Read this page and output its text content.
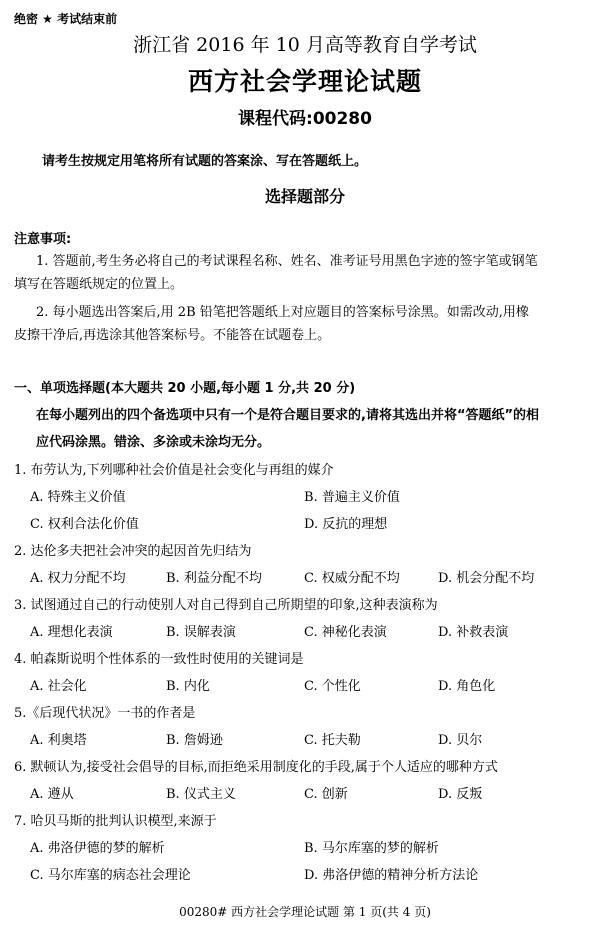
绝密 ★ 考试结束前
浙江省 2016 年 10 月高等教育自学考试
西方社会学理论试题
课程代码:00280
请考生按规定用笔将所有试题的答案涂、写在答题纸上。
选择题部分
注意事项:
1. 答题前,考生务必将自己的考试课程名称、姓名、准考证号用黑色字迹的签字笔或钢笔
填写在答题纸规定的位置上。
2. 每小题选出答案后,用 2B 铅笔把答题纸上对应题目的答案标号涂黑。如需改动,用橡
皮擦干净后,再选涂其他答案标号。不能答在试题卷上。
一、单项选择题(本大题共 20 小题,每小题 1 分,共 20 分)
在每小题列出的四个备选项中只有一个是符合题目要求的,请将其选出并将“答题纸”的相
应代码涂黑。错涂、多涂或未涂均无分。
1. 布劳认为,下列哪种社会价值是社会变化与再组的媒介
A. 特殊主义价值	B. 普遍主义价值
C. 权利合法化价值	D. 反抗的理想
2. 达伦多夫把社会冲突的起因首先归结为
A. 权力分配不均	B. 利益分配不均	C. 权威分配不均	D. 机会分配不均
3. 试图通过自己的行动使别人对自己得到自己所期望的印象,这种表演称为
A. 理想化表演	B. 误解表演	C. 神秘化表演	D. 补救表演
4. 帕森斯说明个性体系的一致性时使用的关键词是
A. 社会化	B. 内化	C. 个性化	D. 角色化
5.《后现代状况》一书的作者是
A. 利奥塔	B. 詹姆逊	C. 托夫勒	D. 贝尔
6. 默顿认为,接受社会倡导的目标,而拒绝采用制度化的手段,属于个人适应的哪种方式
A. 遵从	B. 仪式主义	C. 创新	D. 反叛
7. 哈贝马斯的批判认识模型,来源于
A. 弗洛伊德的梦的解析	B. 马尔库塞的梦的解析
C. 马尔库塞的病态社会理论	D. 弗洛伊德的精神分析方法论
00280# 西方社会学理论试题 第 1 页(共 4 页)
